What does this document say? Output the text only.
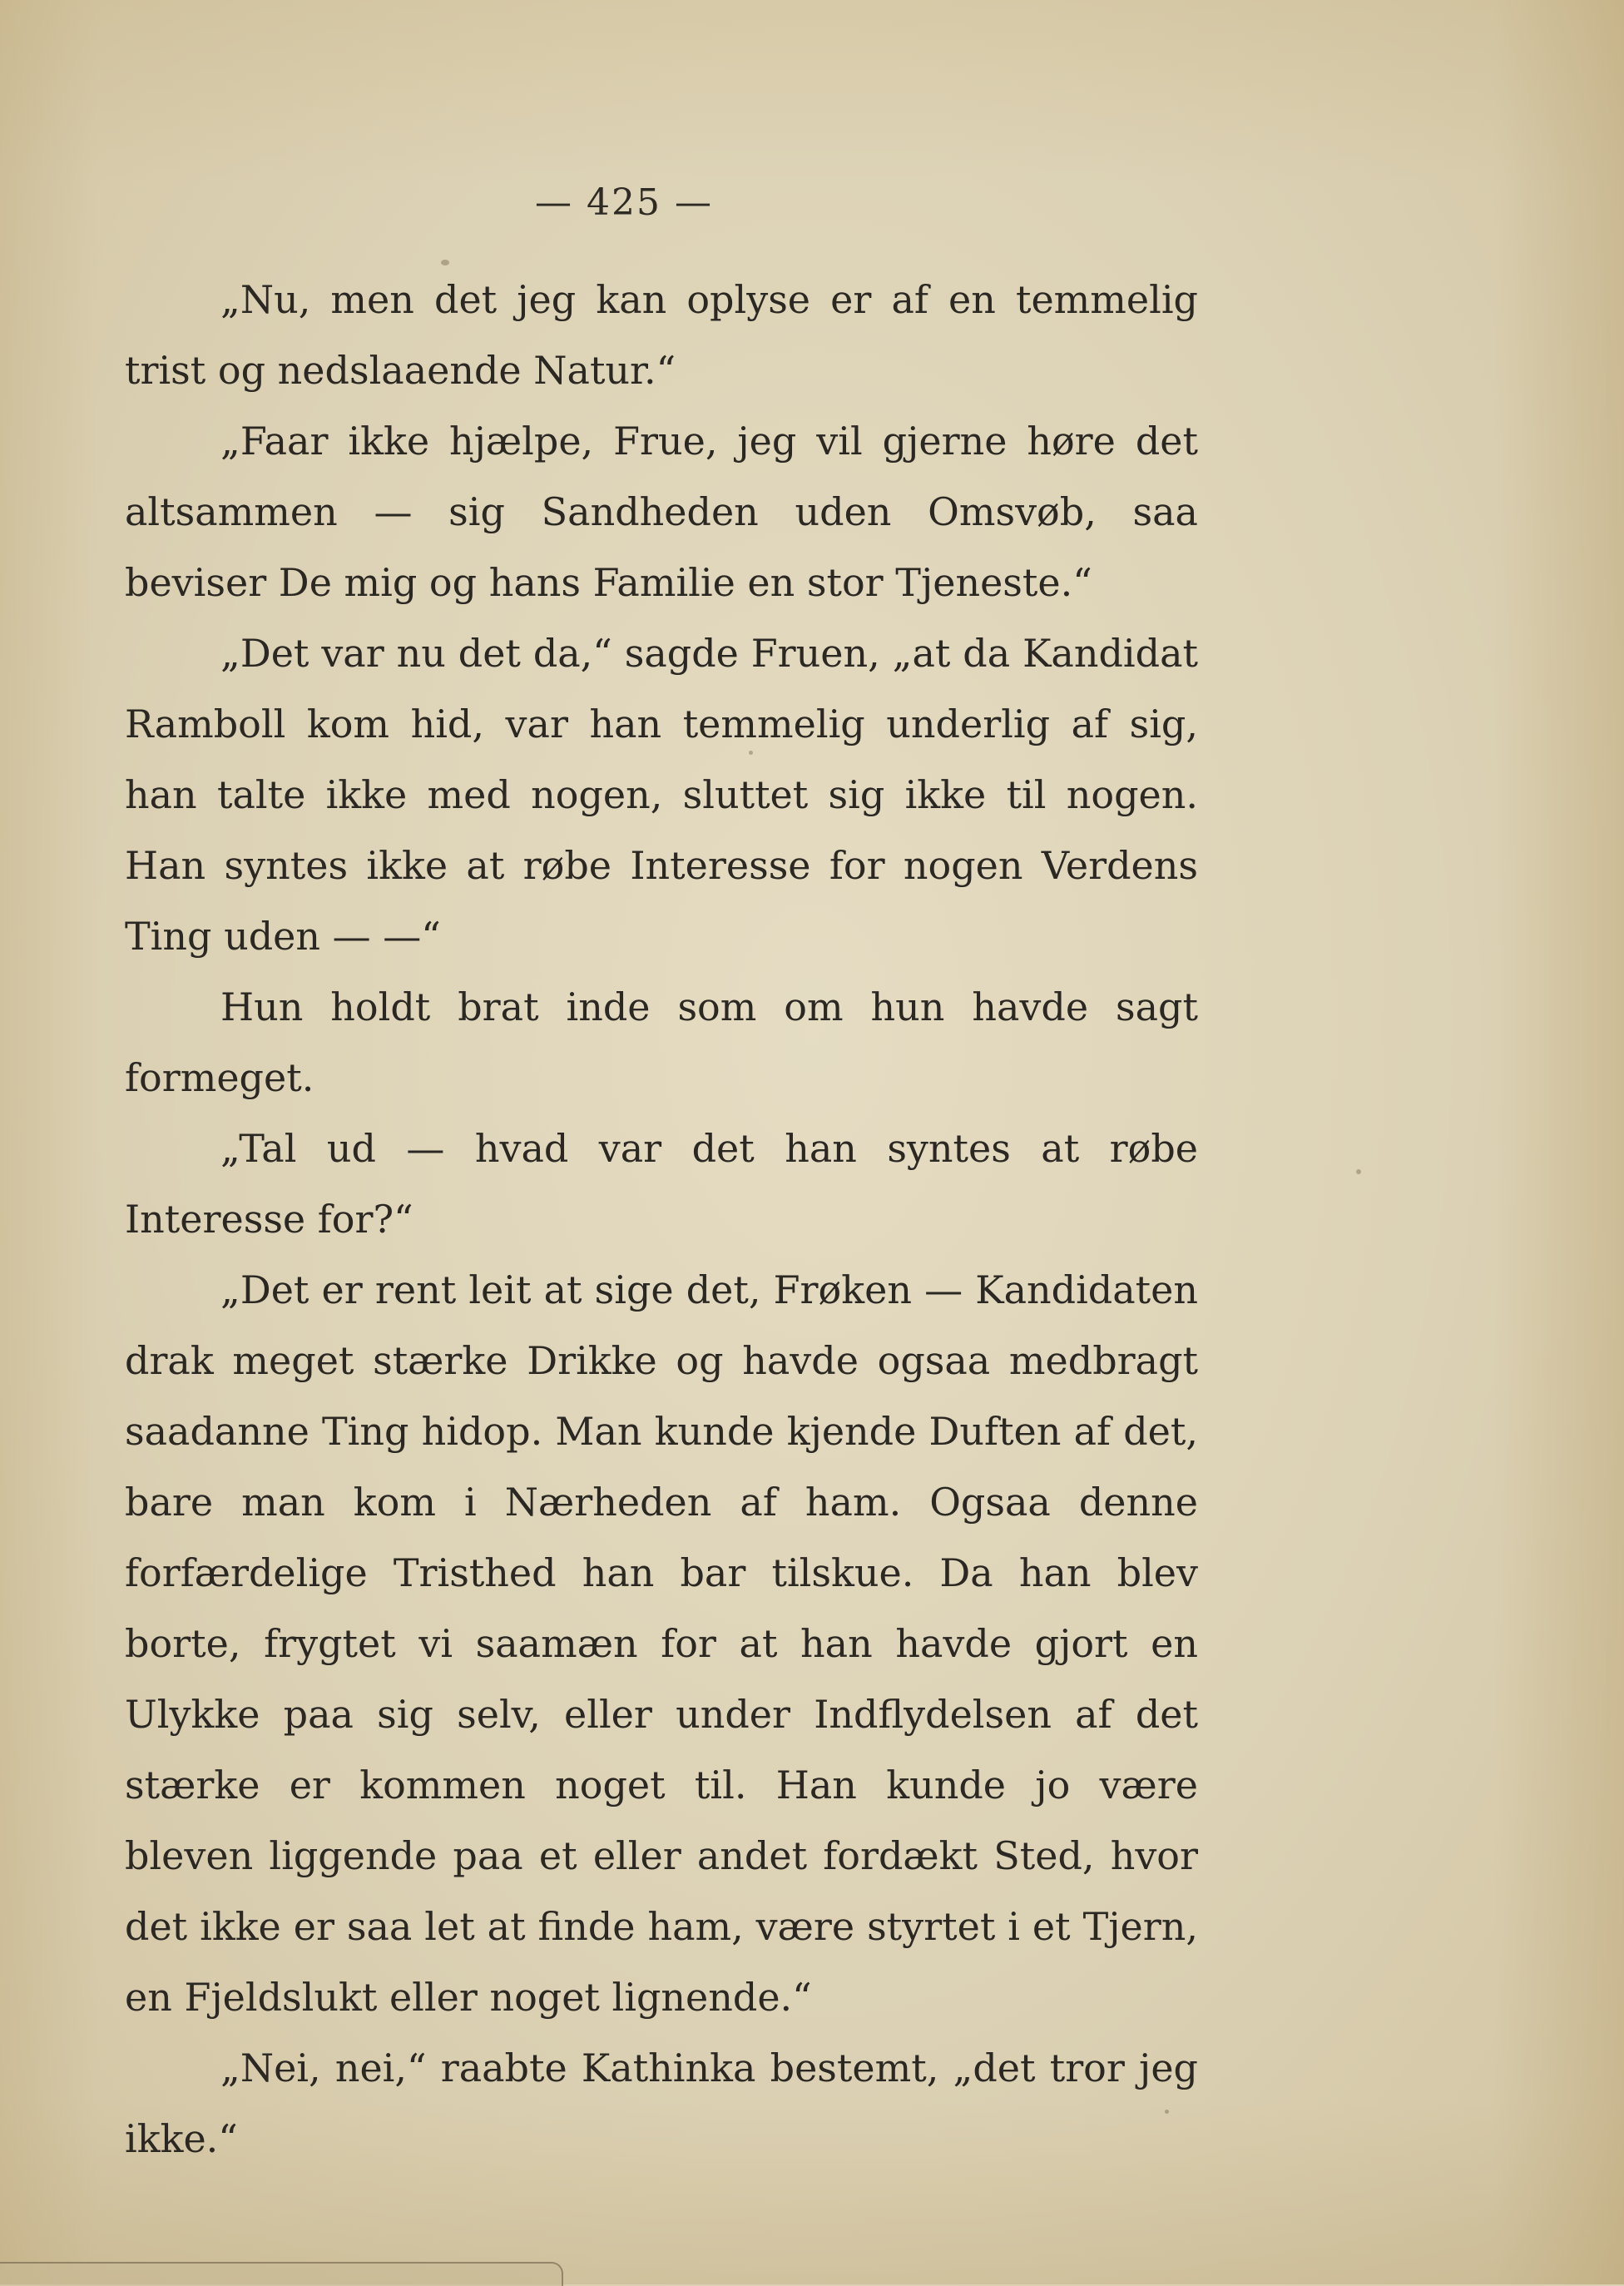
— 425 —

„Nu, men det jeg kan oplyse er af en temmelig trist og nedslaaende Natur.“

„Faar ikke hjælpe, Frue, jeg vil gjerne høre det altsammen — sig Sandheden uden Omsvøb, saa beviser De mig og hans Familie en stor Tjeneste.“

„Det var nu det da,“ sagde Fruen, „at da Kandidat Ramboll kom hid, var han temmelig underlig af sig, han talte ikke med nogen, sluttet sig ikke til nogen. Han syntes ikke at røbe Interesse for nogen Verdens Ting uden — —“

Hun holdt brat inde som om hun havde sagt formeget.

„Tal ud — hvad var det han syntes at røbe Interesse for?“

„Det er rent leit at sige det, Frøken — Kandidaten drak meget stærke Drikke og havde ogsaa medbragt saadanne Ting hidop. Man kunde kjende Duften af det, bare man kom i Nærheden af ham. Ogsaa denne forfærdelige Tristhed han bar tilskue. Da han blev borte, frygtet vi saamæn for at han havde gjort en Ulykke paa sig selv, eller under Indflydelsen af det stærke er kommen noget til. Han kunde jo være bleven liggende paa et eller andet fordækt Sted, hvor det ikke er saa let at finde ham, være styrtet i et Tjern, en Fjeldslukt eller noget lignende.“

„Nei, nei,“ raabte Kathinka bestemt, „det tror jeg ikke.“
